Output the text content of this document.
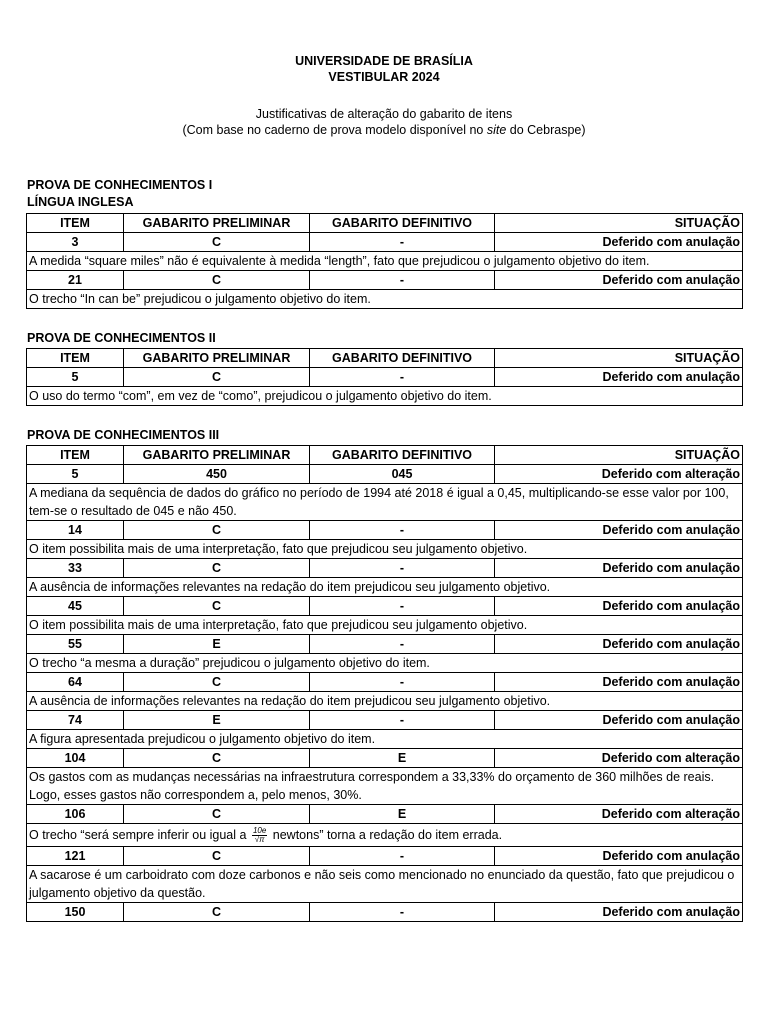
UNIVERSIDADE DE BRASÍLIA
VESTIBULAR 2024
Justificativas de alteração do gabarito de itens
(Com base no caderno de prova modelo disponível no site do Cebraspe)
PROVA DE CONHECIMENTOS I
LÍNGUA INGLESA
ITEM	GABARITO PRELIMINAR	GABARITO DEFINITIVO	SITUAÇÃO
3	C	-	Deferido com anulação
A medida “square miles” não é equivalente à medida “length”, fato que prejudicou o julgamento objetivo do item.			
21	C	-	Deferido com anulação
O trecho “In can be” prejudicou o julgamento objetivo do item.			
PROVA DE CONHECIMENTOS II
ITEM	GABARITO PRELIMINAR	GABARITO DEFINITIVO	SITUAÇÃO
5	C	-	Deferido com anulação
O uso do termo “com”, em vez de “como”, prejudicou o julgamento objetivo do item.			
PROVA DE CONHECIMENTOS III
ITEM	GABARITO PRELIMINAR	GABARITO DEFINITIVO	SITUAÇÃO
5	450	045	Deferido com alteração
A mediana da sequência de dados do gráfico no período de 1994 até 2018 é igual a 0,45, multiplicando-se esse valor por 100, tem-se o resultado de 045 e não 450.			
14	C	-	Deferido com anulação
O item possibilita mais de uma interpretação, fato que prejudicou seu julgamento objetivo.			
33	C	-	Deferido com anulação
A ausência de informações relevantes na redação do item prejudicou seu julgamento objetivo.			
45	C	-	Deferido com anulação
O item possibilita mais de uma interpretação, fato que prejudicou seu julgamento objetivo.			
55	E	-	Deferido com anulação
O trecho “a mesma a duração” prejudicou o julgamento objetivo do item.			
64	C	-	Deferido com anulação
A ausência de informações relevantes na redação do item prejudicou seu julgamento objetivo.			
74	E	-	Deferido com anulação
A figura apresentada prejudicou o julgamento objetivo do item.			
104	C	E	Deferido com alteração
Os gastos com as mudanças necessárias na infraestrutura correspondem a 33,33% do orçamento de 360 milhões de reais. Logo, esses gastos não correspondem a, pelo menos, 30%.			
106	C	E	Deferido com alteração
O trecho “será sempre inferir ou igual a $\frac{10e}{√\pi}$ newtons” torna a redação do item errada.			
121	C	-	Deferido com anulação
A sacarose é um carboidrato com doze carbonos e não seis como mencionado no enunciado da questão, fato que prejudicou o julgamento objetivo da questão.			
150	C	-	Deferido com anulação
